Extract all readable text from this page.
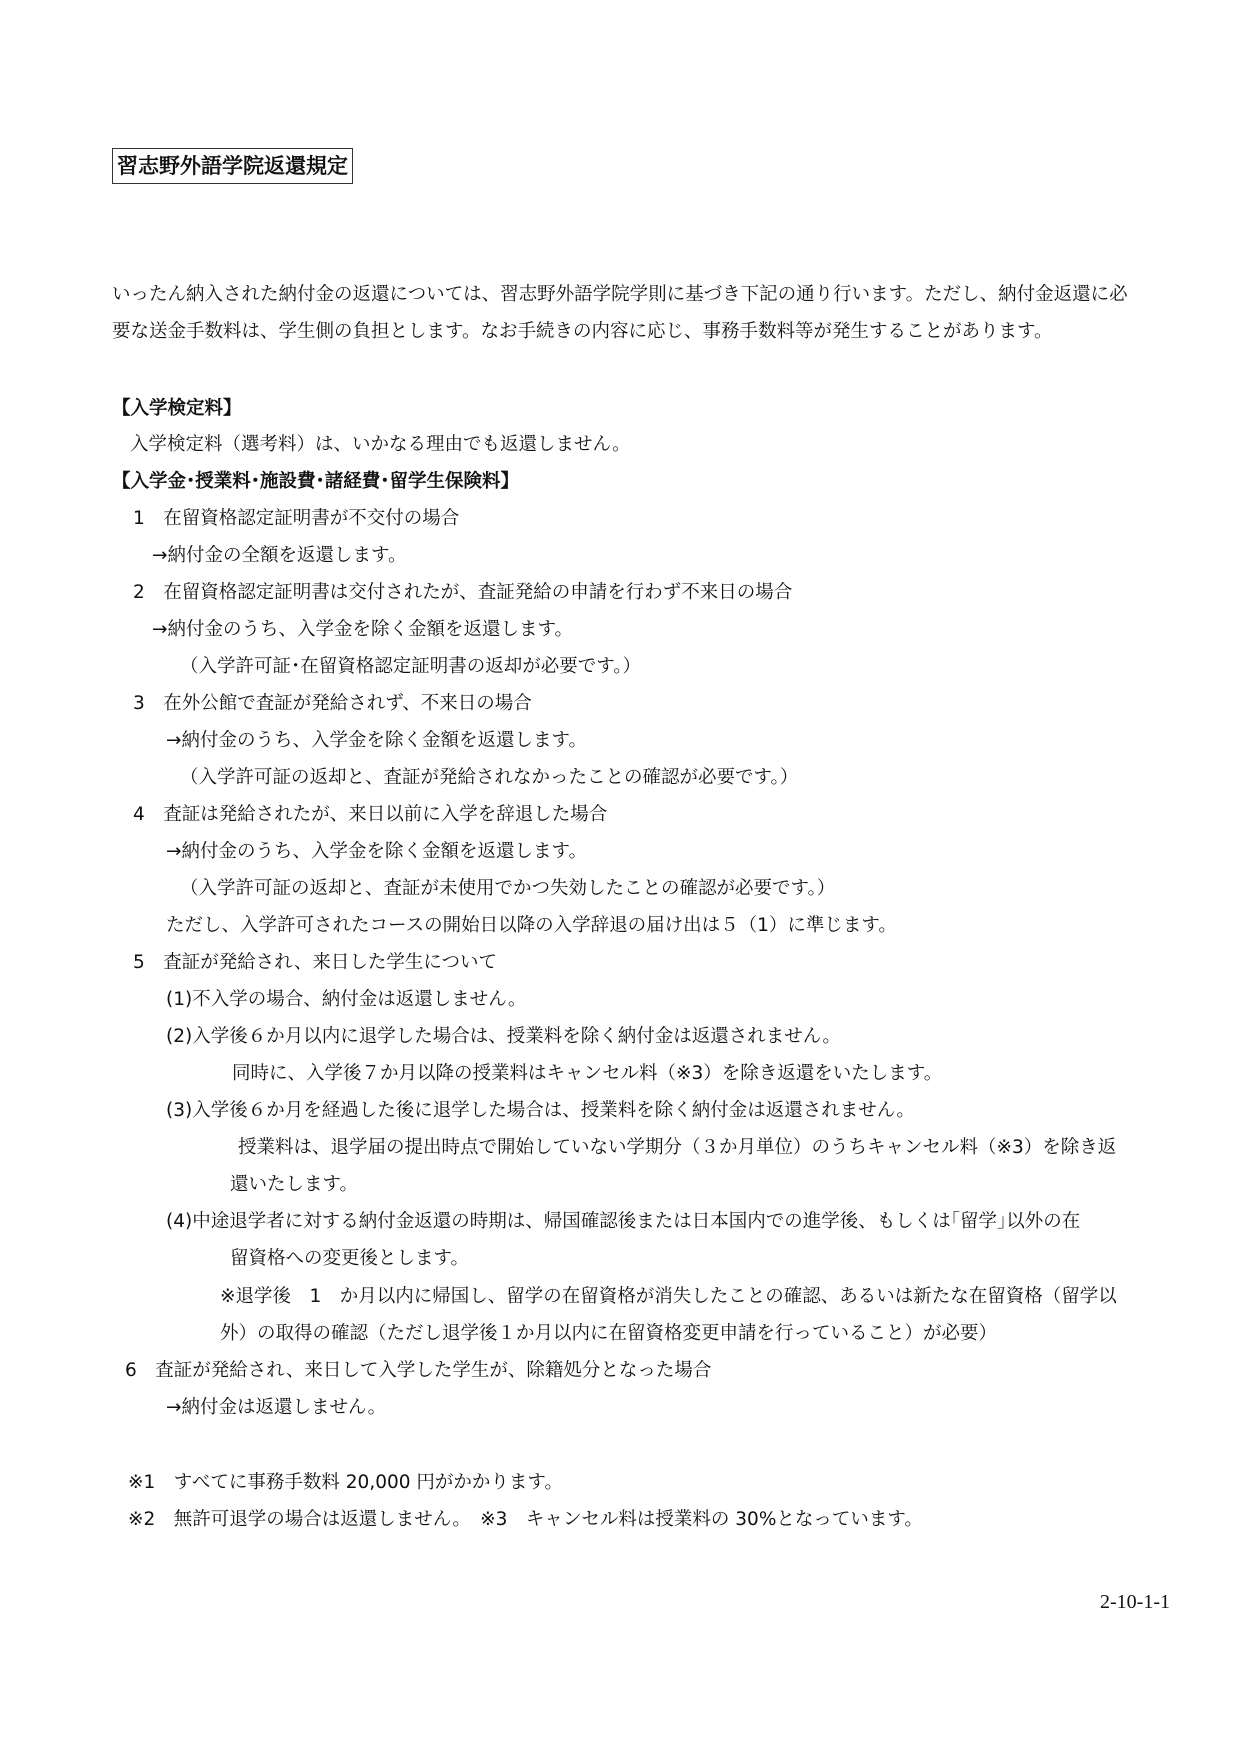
習志野外語学院返還規定
いったん納入された納付金の返還については、習志野外語学院学則に基づき下記の通り行います。ただし、納付金返還に必
要な送金手数料は、学生側の負担とします。なお手続きの内容に応じ、事務手数料等が発生することがあります。
【入学検定料】
入学検定料（選考料）は、いかなる理由でも返還しません。
【入学金･授業料･施設費･諸経費･留学生保険料】
1　在留資格認定証明書が不交付の場合
→納付金の全額を返還します。
2　在留資格認定証明書は交付されたが、査証発給の申請を行わず不来日の場合
→納付金のうち、入学金を除く金額を返還します。
（入学許可証･在留資格認定証明書の返却が必要です。）
3　在外公館で査証が発給されず、不来日の場合
→納付金のうち、入学金を除く金額を返還します。
（入学許可証の返却と、査証が発給されなかったことの確認が必要です。）
4　査証は発給されたが、来日以前に入学を辞退した場合
→納付金のうち、入学金を除く金額を返還します。
（入学許可証の返却と、査証が未使用でかつ失効したことの確認が必要です。）
ただし、入学許可されたコースの開始日以降の入学辞退の届け出は５（1）に準じます。
5　査証が発給され、来日した学生について
(1)不入学の場合、納付金は返還しません。
(2)入学後６か月以内に退学した場合は、授業料を除く納付金は返還されません。
同時に、入学後７か月以降の授業料はキャンセル料（※3）を除き返還をいたします。
(3)入学後６か月を経過した後に退学した場合は、授業料を除く納付金は返還されません。
授業料は、退学届の提出時点で開始していない学期分（３か月単位）のうちキャンセル料（※3）を除き返
還いたします。
(4)中途退学者に対する納付金返還の時期は、帰国確認後または日本国内での進学後、もしくは｢留学｣以外の在
留資格への変更後とします。
※退学後　1　か月以内に帰国し、留学の在留資格が消失したことの確認、あるいは新たな在留資格（留学以
外）の取得の確認（ただし退学後１か月以内に在留資格変更申請を行っていること）が必要）
6　査証が発給され、来日して入学した学生が、除籍処分となった場合
→納付金は返還しません。
※1　すべてに事務手数料 20,000 円がかかります。
※2　無許可退学の場合は返還しません。　※3　キャンセル料は授業料の 30%となっています。
2-10-1-1
